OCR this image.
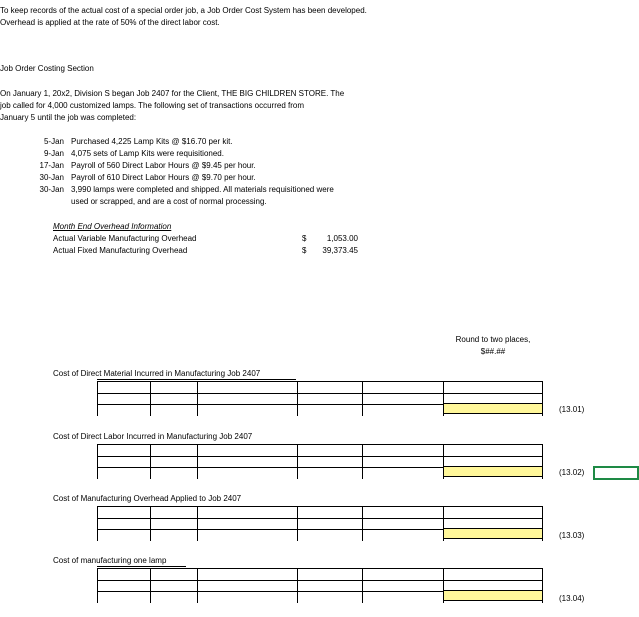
To keep records of the actual cost of a special order job, a Job Order Cost System has been developed.
Overhead is applied at the rate of 50% of the direct labor cost.
Job Order Costing Section
On January 1, 20x2, Division S began Job 2407 for the Client, THE BIG CHILDREN STORE. The
job called for 4,000 customized lamps. The following set of transactions occurred from
January 5 until the job was completed:
5-Jan Purchased 4,225 Lamp Kits @ $16.70 per kit.
9-Jan 4,075 sets of Lamp Kits were requisitioned.
17-Jan Payroll of 560 Direct Labor Hours @ $9.45 per hour.
30-Jan Payroll of 610 Direct Labor Hours @ $9.70 per hour.
30-Jan 3,990 lamps were completed and shipped. All materials requisitioned were
used or scrapped, and are a cost of normal processing.
Month End Overhead Information
Actual Variable Manufacturing Overhead	$	1,053.00
Actual Fixed Manufacturing Overhead	$	39,373.45
Round to two places,
$##.##
Cost of Direct Material Incurred in Manufacturing Job 2407
(13.01)
Cost of Direct Labor Incurred in Manufacturing Job 2407
(13.02)
Cost of Manufacturing Overhead Applied to Job 2407
(13.03)
Cost of manufacturing one lamp
(13.04)
